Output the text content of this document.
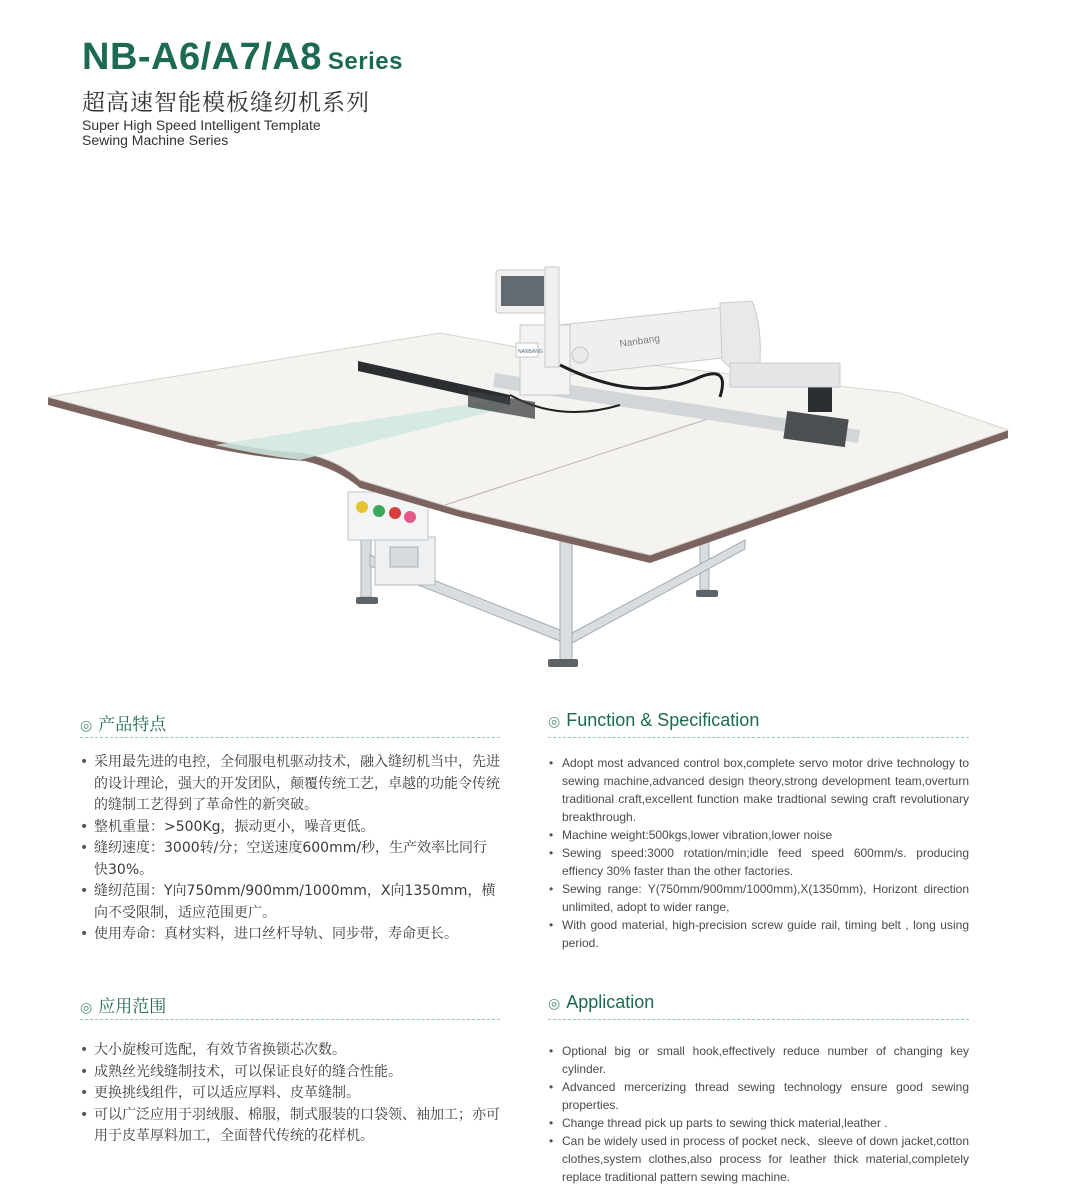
NB-A6/A7/A8 Series
超高速智能模板缝纫机系列
Super High Speed Intelligent Template
Sewing Machine Series
Nanbang
NANBANG
◎ 产品特点
• 采用最先进的电控，全伺服电机驱动技术，融入缝纫机当中，先进的设计理论，强大的开发团队，颠覆传统工艺，卓越的功能令传统的缝制工艺得到了革命性的新突破。
• 整机重量：>500Kg，振动更小，噪音更低。
• 缝纫速度：3000转/分；空送速度600mm/秒，生产效率比同行快30%。
• 缝纫范围：Y向750mm/900mm/1000mm，X向1350mm，横向不受限制，适应范围更广。
• 使用寿命：真材实料，进口丝杆导轨、同步带，寿命更长。
◎ Function & Specification
• Adopt most advanced control box,complete servo motor drive technology to sewing machine,advanced design theory,strong development team,overturn traditional craft,excellent function make tradtional sewing craft revolutionary breakthrough.
• Machine weight:500kgs,lower vibration,lower noise
• Sewing speed:3000 rotation/min;idle feed speed 600mm/s. producing effiency 30% faster than the other factories.
• Sewing range: Y(750mm/900mm/1000mm),X(1350mm), Horizont direction unlimited, adopt to wider range,
• With good material, high-precision screw guide rail, timing belt , long using period.
◎ 应用范围
• 大小旋梭可选配，有效节省换锁芯次数。
• 成熟丝光线缝制技术，可以保证良好的缝合性能。
• 更换挑线组件，可以适应厚料、皮革缝制。
• 可以广泛应用于羽绒服、棉服，制式服装的口袋领、袖加工；亦可用于皮革厚料加工，全面替代传统的花样机。
◎ Application
• Optional big or small hook,effectively reduce number of changing key cylinder.
• Advanced mercerizing thread sewing technology ensure good sewing properties.
• Change thread pick up parts to sewing thick material,leather .
• Can be widely used in process of pocket neck、sleeve of down jacket,cotton clothes,system clothes,also process for leather thick material,completely replace traditional pattern sewing machine.
